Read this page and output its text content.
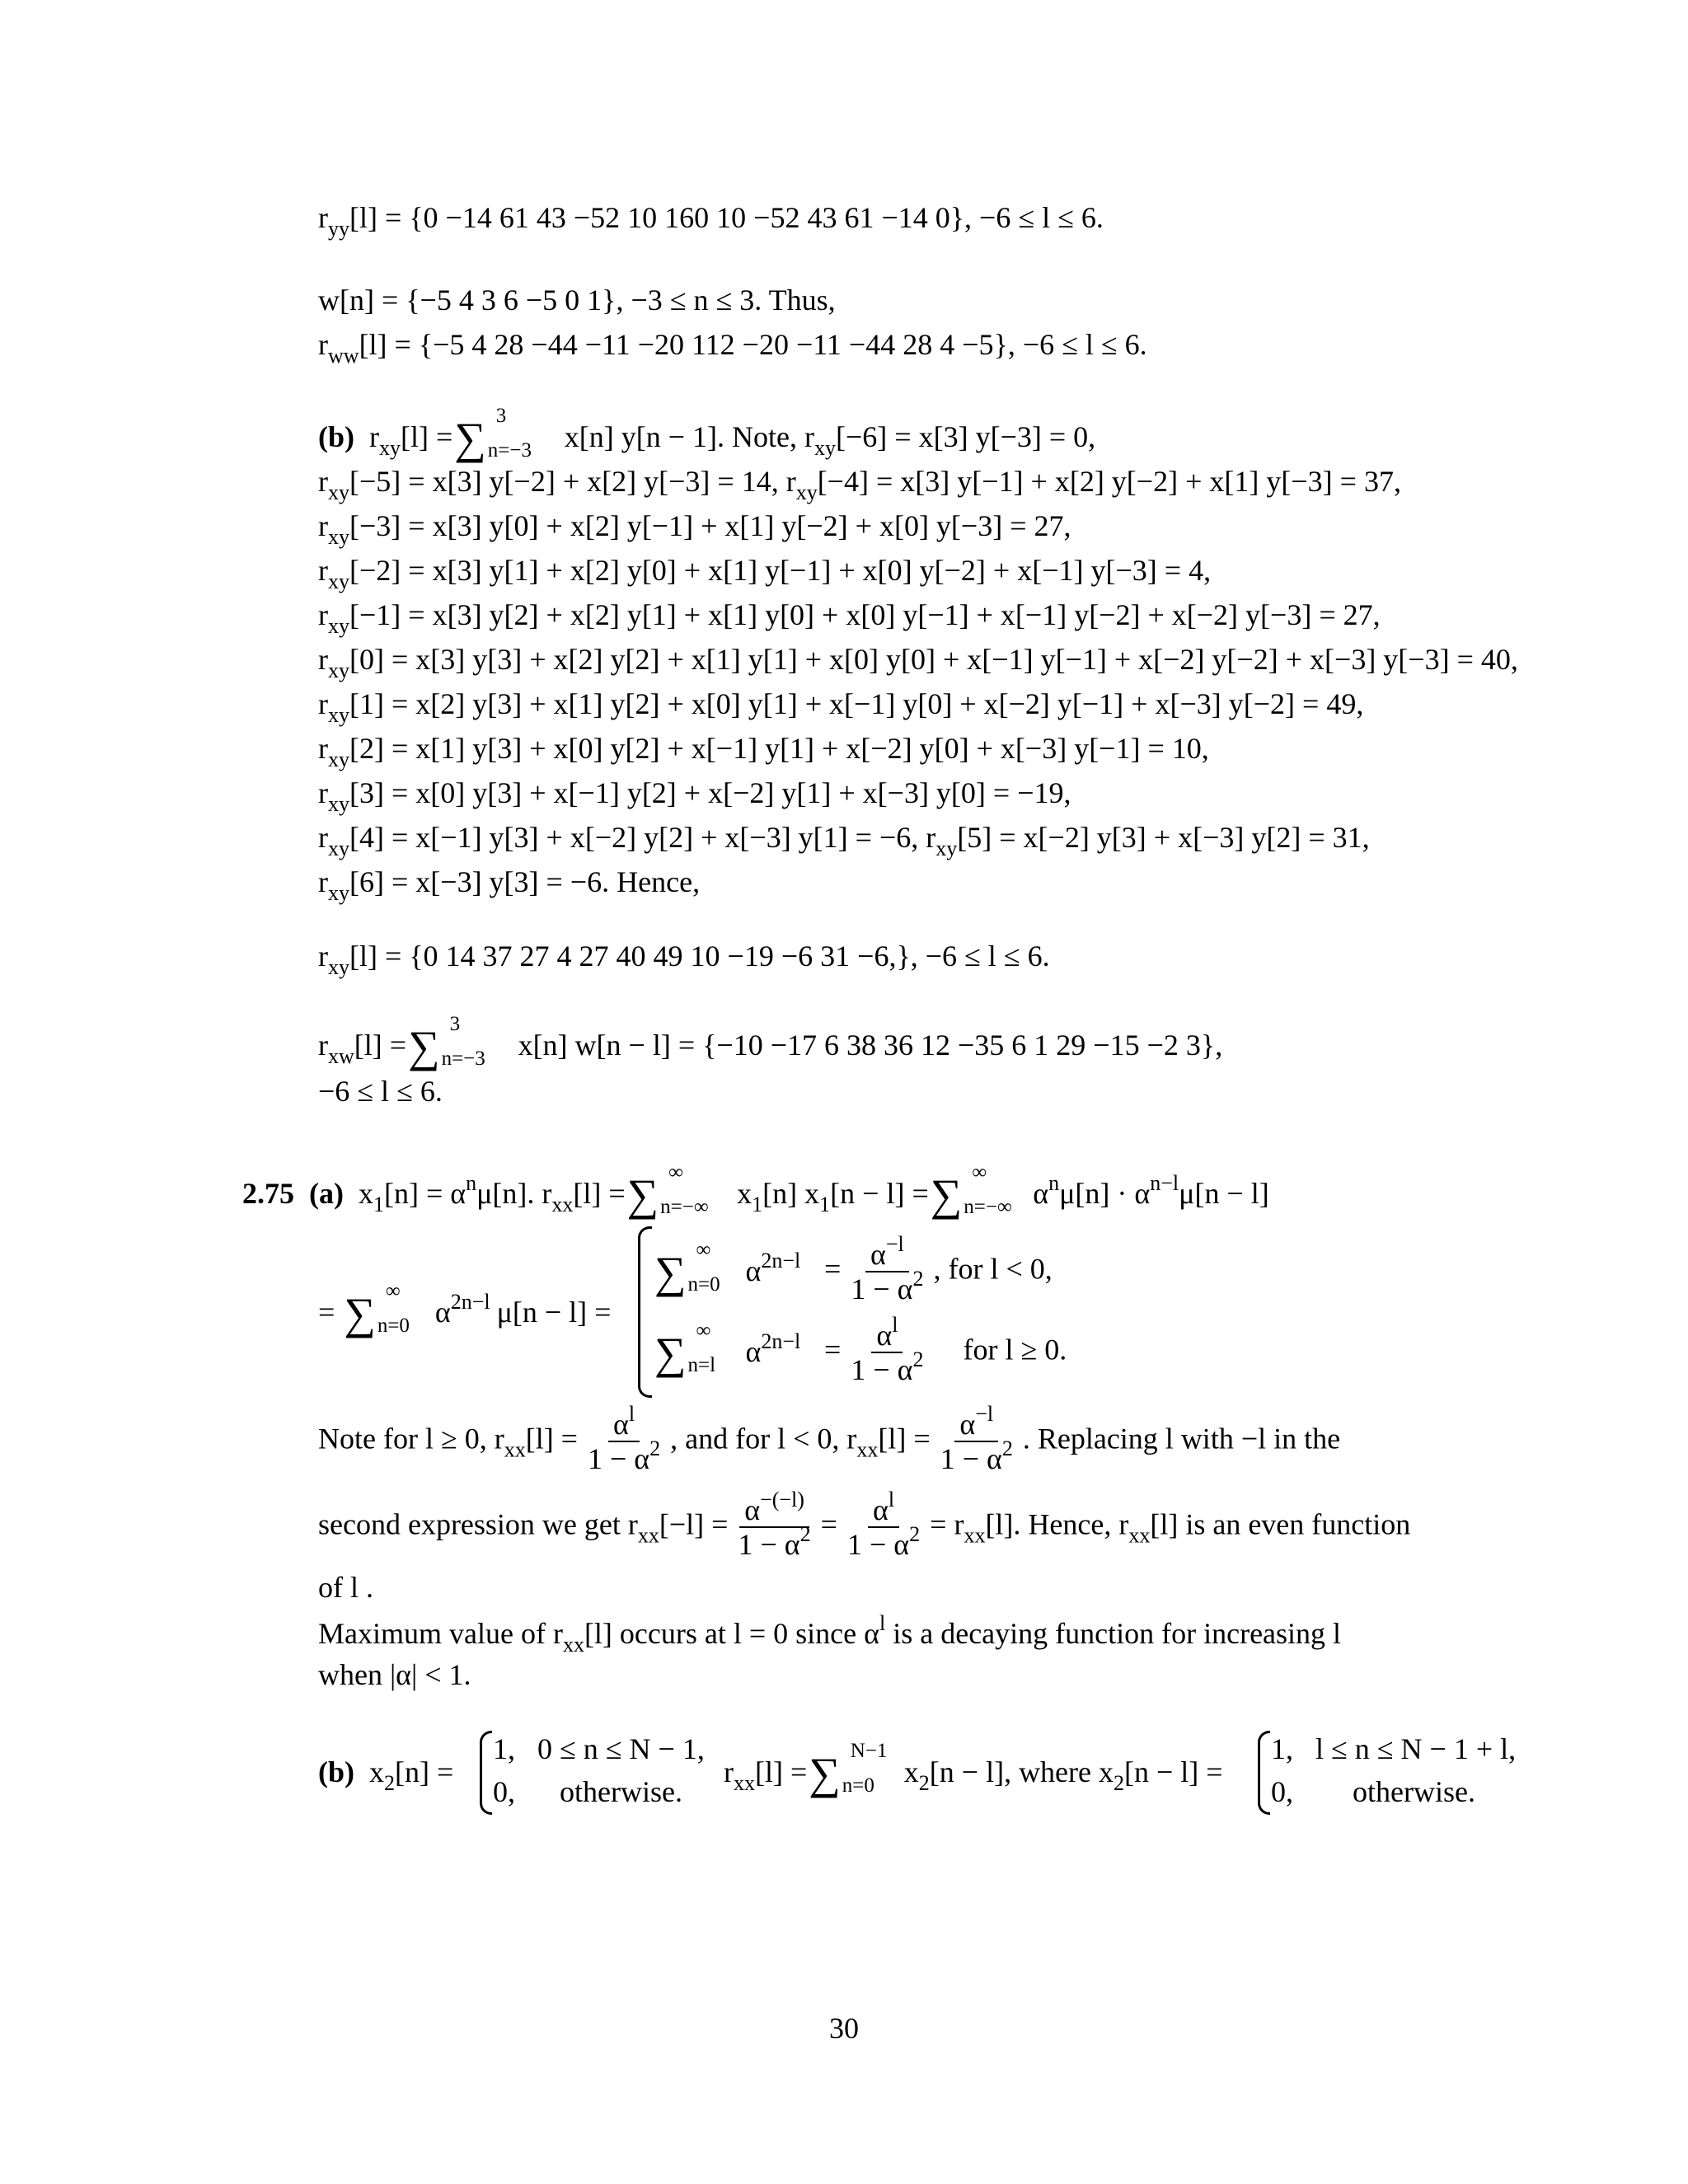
$r_{yy}[l] = \{0 -14$ 61 43 −52 10 160 10 −52 43 61 −14 0}, −6 ≤ l ≤ 6.
w[n] = {−5 4 3 6 −5 0 1}, −3 ≤ n ≤ 3. Thus,
$r_{ww}[l] = \{-5$ 4 28 −44 −11 −20 112 −20 −11 −44 28 4 −5}, −6 ≤ l ≤ 6.
(b) $r_{xy}[l]$ =∑ 3
n=−3 x[n] y[n − 1]. Note, $r_{xy}[-6] = x[3] y[-3] = 0$,
$r_{xy}[-5] = x[3] y[-2] + x[2] y[-3] = 14$, $r_{xy}[-4] = x[3] y[-1] + x[2] y[-2] + x[1] y[-3] = 37$,
$r_{xy}[-3] = x[3] y[0] + x[2] y[-1] + x[1] y[-2] + x[0] y[-3] = 27$,
$r_{xy}[-2] = x[3] y[1] + x[2] y[0] + x[1] y[-1] + x[0] y[-2] + x[-1] y[-3] = 4$,
$r_{xy}[-1] = x[3] y[2] + x[2] y[1] + x[1] y[0] + x[0] y[-1] + x[-1] y[-2] + x[-2] y[-3] = 27$,
$r_{xy}[0] = x[3] y[3] + x[2] y[2] + x[1] y[1] + x[0] y[0] + x[-1] y[-1] + x[-2] y[-2] + x[-3] y[-3] = 40$,
$r_{xy}[1] = x[2] y[3] + x[1] y[2] + x[0] y[1] + x[-1] y[0] + x[-2] y[-1] + x[-3] y[-2] = 49$,
$r_{xy}[2] = x[1] y[3] + x[0] y[2] + x[-1] y[1] + x[-2] y[0] + x[-3] y[-1] = 10$,
$r_{xy}[3] = x[0] y[3] + x[-1] y[2] + x[-2] y[1] + x[-3] y[0] = -19$,
$r_{xy}[4] = x[-1] y[3] + x[-2] y[2] + x[-3] y[1] = -6$, $r_{xy}[5] = x[-2] y[3] + x[-3] y[2] = 31$,
$r_{xy}[6] = x[-3] y[3] = -6$. Hence,
$r_{xy}[l] = \{0$ 14 37 27 4 27 40 49 10 −19 −6 31 −6,}, −6 ≤ l ≤ 6.
$r_{xw}[l]$ =∑ 3
n=−3 x[n] w[n − l] = {−10 −17 6 38 36 12 −35 6 1 29 −15 −2 3},
−6 ≤ l ≤ 6.
2.75 (a) $x_1[n] = \alpha^n\mu[n]$. $r_{xx}[l]$ =∑ ∞
n=−∞ $x_1[n] x_1[n - l]$ =∑ ∞
n=−∞ $\alpha^n\mu[n] \cdot \alpha^{n-l}\mu[n - l]$
= ∑ ∞
n=0 $\alpha^{2n-l}$ μ[n − l] =
∑ ∞
n=0 $\alpha^{2n-l} = \frac{\alpha^{-l}}{1 - \alpha^2}$ , for l < 0,
∑ ∞
n=l $\alpha^{2n-l} = \frac{\alpha^l}{1 - \alpha^2}$ for l ≥ 0.
Note for l ≥ 0, $r_{xx}[l] = \frac{\alpha^l}{1 - \alpha^2}$ , and for l < 0, $r_{xx}[l] = \frac{\alpha^{-l}}{1 - \alpha^2}$ . Replacing l with −l in the
second expression we get $r_{xx}[-l] = \frac{\alpha^{-(-l)}}{1 - \alpha^2} = \frac{\alpha^l}{1 - \alpha^2} = r_{xx}[l]$. Hence, $r_{xx}[l]$ is an even function
of l .
Maximum value of $r_{xx}[l]$ occurs at l = 0 since $\alpha^l$ is a decaying function for increasing l
when |α| < 1.
(b) $x_2[n]$ =
1, 0 ≤ n ≤ N − 1,
0, otherwise.
$r_{xx}[l]$ =∑ N−1
n=0 $x_2[n - l]$, where $x_2[n - l]$ =
1, l ≤ n ≤ N − 1 + l,
0, otherwise.
30
